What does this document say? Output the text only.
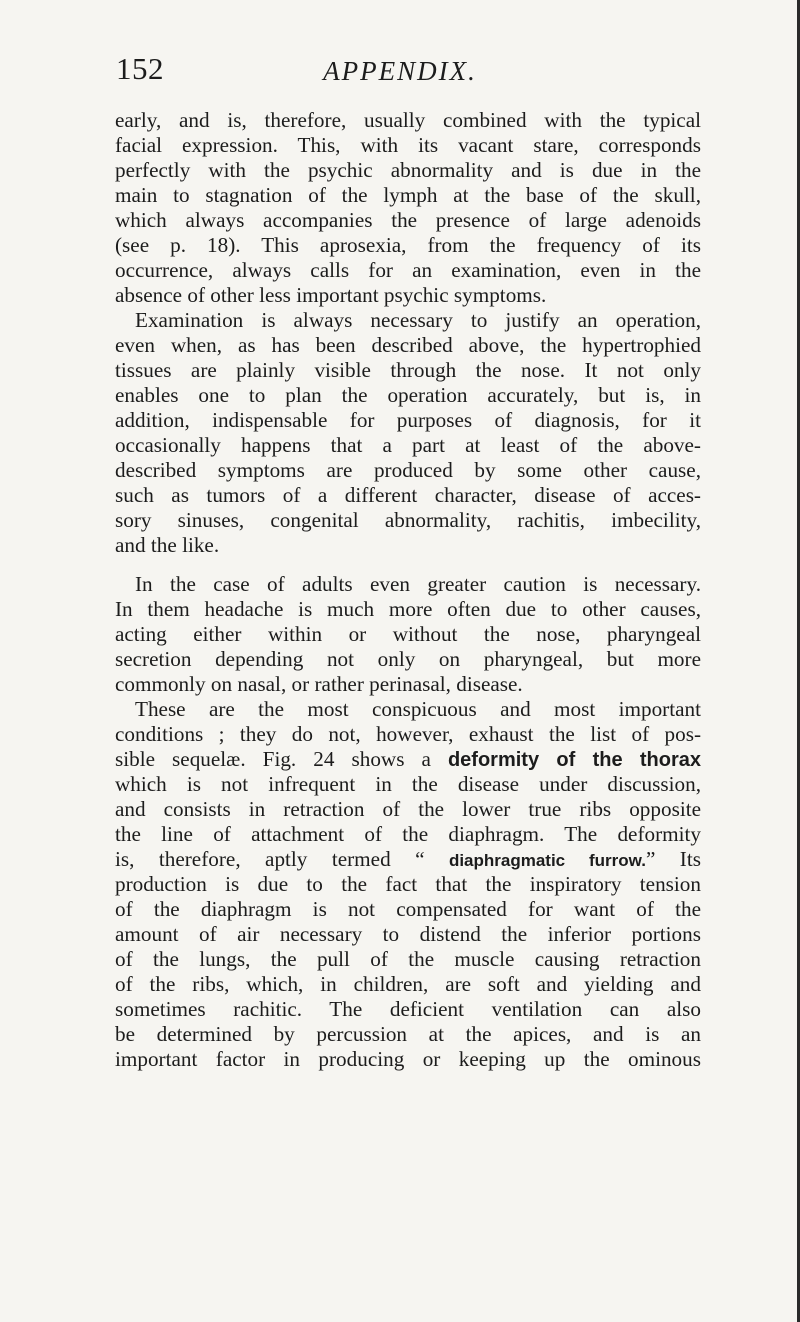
152	APPENDIX.
early, and is, therefore, usually combined with the typical
facial expression. This, with its vacant stare, corresponds
perfectly with the psychic abnormality and is due in the
main to stagnation of the lymph at the base of the skull,
which always accompanies the presence of large adenoids
(see p. 18). This aprosexia, from the frequency of its
occurrence, always calls for an examination, even in the
absence of other less important psychic symptoms.
Examination is always necessary to justify an operation,
even when, as has been described above, the hypertrophied
tissues are plainly visible through the nose. It not only
enables one to plan the operation accurately, but is, in
addition, indispensable for purposes of diagnosis, for it
occasionally happens that a part at least of the above-
described symptoms are produced by some other cause,
such as tumors of a different character, disease of acces-
sory sinuses, congenital abnormality, rachitis, imbecility,
and the like.
In the case of adults even greater caution is necessary.
In them headache is much more often due to other causes,
acting either within or without the nose, pharyngeal
secretion depending not only on pharyngeal, but more
commonly on nasal, or rather perinasal, disease.
These are the most conspicuous and most important
conditions ; they do not, however, exhaust the list of pos-
sible sequelæ. Fig. 24 shows a deformity of the thorax
which is not infrequent in the disease under discussion,
and consists in retraction of the lower true ribs opposite
the line of attachment of the diaphragm. The deformity
is, therefore, aptly termed “ diaphragmatic furrow.” Its
production is due to the fact that the inspiratory tension
of the diaphragm is not compensated for want of the
amount of air necessary to distend the inferior portions
of the lungs, the pull of the muscle causing retraction
of the ribs, which, in children, are soft and yielding and
sometimes rachitic. The deficient ventilation can also
be determined by percussion at the apices, and is an
important factor in producing or keeping up the ominous
